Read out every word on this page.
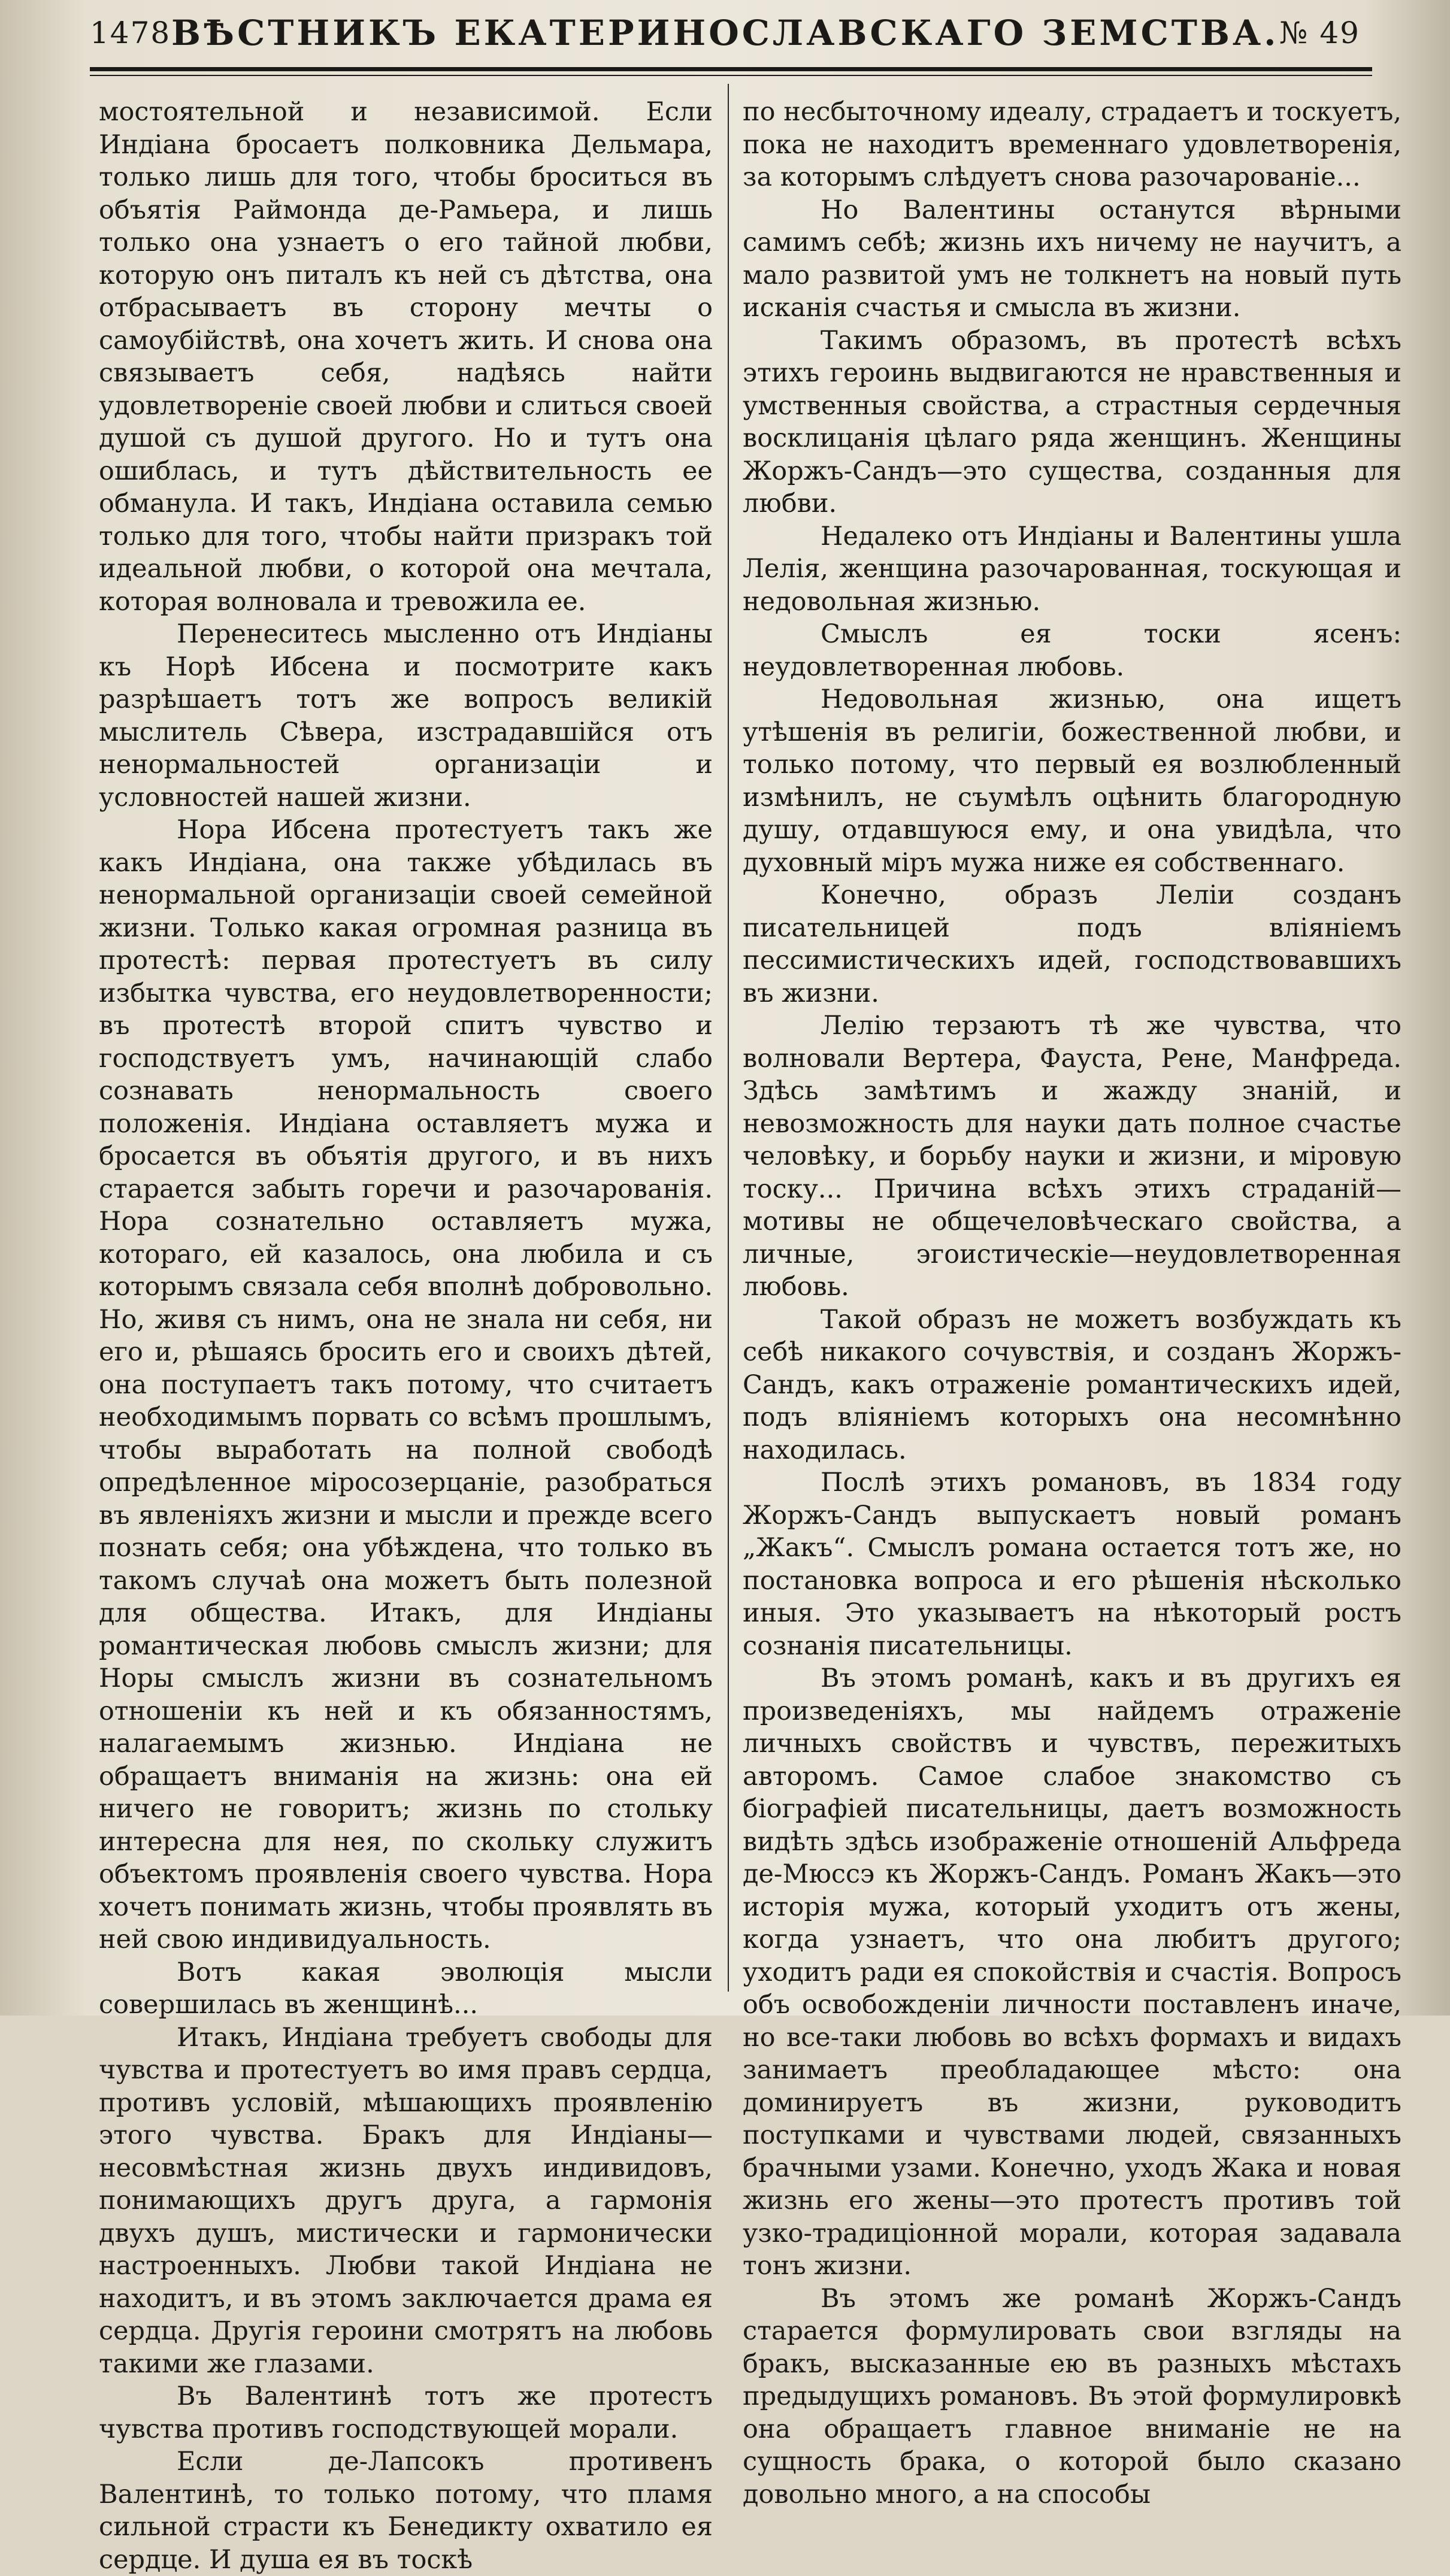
1478 ВѢСТНИКЪ ЕКАТЕРИНОСЛАВСКАГО ЗЕМСТВА. № 49

мостоятельной и независимой. Если Индіана бросаетъ полковника Дельмара, только лишь для того, чтобы броситься въ объятія Раймонда де-Рамьера, и лишь только она узнаетъ о его тайной любви, которую онъ питалъ къ ней съ дѣтства, она отбрасываетъ въ сторону мечты о самоубійствѣ, она хочетъ жить. И снова она связываетъ себя, надѣясь найти удовлетвореніе своей любви и слиться своей душой съ душой другого. Но и тутъ она ошиблась, и тутъ дѣйствительность ее обманула. И такъ, Индіана оставила семью только для того, чтобы найти призракъ той идеальной любви, о которой она мечтала, которая волновала и тревожила ее.

Перенеситесь мысленно отъ Индіаны къ Норѣ Ибсена и посмотрите какъ разрѣшаетъ тотъ же вопросъ великій мыслитель Сѣвера, изстрадавшійся отъ ненормальностей организаціи и условностей нашей жизни.

Нора Ибсена протестуетъ такъ же какъ Индіана, она также убѣдилась въ ненормальной организаціи своей семейной жизни. Только какая огромная разница въ протестѣ: первая протестуетъ въ силу избытка чувства, его неудовлетворенности; въ протестѣ второй спитъ чувство и господствуетъ умъ, начинающій слабо сознавать ненормальность своего положенія. Индіана оставляетъ мужа и бросается въ объятія другого, и въ нихъ старается забыть горечи и разочарованія. Нора сознательно оставляетъ мужа, котораго, ей казалось, она любила и съ которымъ связала себя вполнѣ добровольно. Но, живя съ нимъ, она не знала ни себя, ни его и, рѣшаясь бросить его и своихъ дѣтей, она поступаетъ такъ потому, что считаетъ необходимымъ порвать со всѣмъ прошлымъ, чтобы выработать на полной свободѣ опредѣленное міросозерцаніе, разобраться въ явленіяхъ жизни и мысли и прежде всего познать себя; она убѣждена, что только въ такомъ случаѣ она можетъ быть полезной для общества. Итакъ, для Индіаны романтическая любовь смыслъ жизни; для Норы смыслъ жизни въ сознательномъ отношеніи къ ней и къ обязанностямъ, налагаемымъ жизнью. Индіана не обращаетъ вниманія на жизнь: она ей ничего не говоритъ; жизнь по стольку интересна для нея, по скольку служитъ объектомъ проявленія своего чувства. Нора хочетъ понимать жизнь, чтобы проявлять въ ней свою индивидуальность.

Вотъ какая эволюція мысли совершилась въ женщинѣ...

Итакъ, Индіана требуетъ свободы для чувства и протестуетъ во имя правъ сердца, противъ условій, мѣшающихъ проявленію этого чувства. Бракъ для Индіаны—несовмѣстная жизнь двухъ индивидовъ, понимающихъ другъ друга, а гармонія двухъ душъ, мистически и гармонически настроенныхъ. Любви такой Индіана не находитъ, и въ этомъ заключается драма ея сердца. Другія героини смотрятъ на любовь такими же глазами.

Въ Валентинѣ тотъ же протестъ чувства противъ господствующей морали.

Если де-Лапсокъ противенъ Валентинѣ, то только потому, что пламя сильной страсти къ Бенедикту охватило ея сердце. И душа ея въ тоскѣ

по несбыточному идеалу, страдаетъ и тоскуетъ, пока не находитъ временнаго удовлетворенія, за которымъ слѣдуетъ снова разочарованіе...

Но Валентины останутся вѣрными самимъ себѣ; жизнь ихъ ничему не научитъ, а мало развитой умъ не толкнетъ на новый путь исканія счастья и смысла въ жизни.

Такимъ образомъ, въ протестѣ всѣхъ этихъ героинь выдвигаются не нравственныя и умственныя свойства, а страстныя сердечныя восклицанія цѣлаго ряда женщинъ. Женщины Жоржъ-Сандъ—это существа, созданныя для любви.

Недалеко отъ Индіаны и Валентины ушла Лелія, женщина разочарованная, тоскующая и недовольная жизнью.

Смыслъ ея тоски ясенъ: неудовлетворенная любовь.

Недовольная жизнью, она ищетъ утѣшенія въ религіи, божественной любви, и только потому, что первый ея возлюбленный измѣнилъ, не съумѣлъ оцѣнить благородную душу, отдавшуюся ему, и она увидѣла, что духовный міръ мужа ниже ея собственнаго.

Конечно, образъ Леліи созданъ писательницей подъ вліяніемъ пессимистическихъ идей, господствовавшихъ въ жизни.

Лелію терзаютъ тѣ же чувства, что волновали Вертера, Фауста, Рене, Манфреда. Здѣсь замѣтимъ и жажду знаній, и невозможность для науки дать полное счастье человѣку, и борьбу науки и жизни, и міровую тоску... Причина всѣхъ этихъ страданій—мотивы не общечеловѣческаго свойства, а личные, эгоистическіе—неудовлетворенная любовь.

Такой образъ не можетъ возбуждать къ себѣ никакого сочувствія, и созданъ Жоржъ-Сандъ, какъ отраженіе романтическихъ идей, подъ вліяніемъ которыхъ она несомнѣнно находилась.

Послѣ этихъ романовъ, въ 1834 году Жоржъ-Сандъ выпускаетъ новый романъ „Жакъ“. Смыслъ романа остается тотъ же, но постановка вопроса и его рѣшенія нѣсколько иныя. Это указываетъ на нѣкоторый ростъ сознанія писательницы.

Въ этомъ романѣ, какъ и въ другихъ ея произведеніяхъ, мы найдемъ отраженіе личныхъ свойствъ и чувствъ, пережитыхъ авторомъ. Самое слабое знакомство съ біографіей писательницы, даетъ возможность видѣть здѣсь изображеніе отношеній Альфреда де-Мюссэ къ Жоржъ-Сандъ. Романъ Жакъ—это исторія мужа, который уходитъ отъ жены, когда узнаетъ, что она любитъ другого; уходитъ ради ея спокойствія и счастія. Вопросъ объ освобожденіи личности поставленъ иначе, но все-таки любовь во всѣхъ формахъ и видахъ занимаетъ преобладающее мѣсто: она доминируетъ въ жизни, руководитъ поступками и чувствами людей, связанныхъ брачными узами. Конечно, уходъ Жака и новая жизнь его жены—это протестъ противъ той узко-традиціонной морали, которая задавала тонъ жизни.

Въ этомъ же романѣ Жоржъ-Сандъ старается формулировать свои взгляды на бракъ, высказанные ею въ разныхъ мѣстахъ предыдущихъ романовъ. Въ этой формулировкѣ она обращаетъ главное вниманіе не на сущность брака, о которой было сказано довольно много, а на способы
